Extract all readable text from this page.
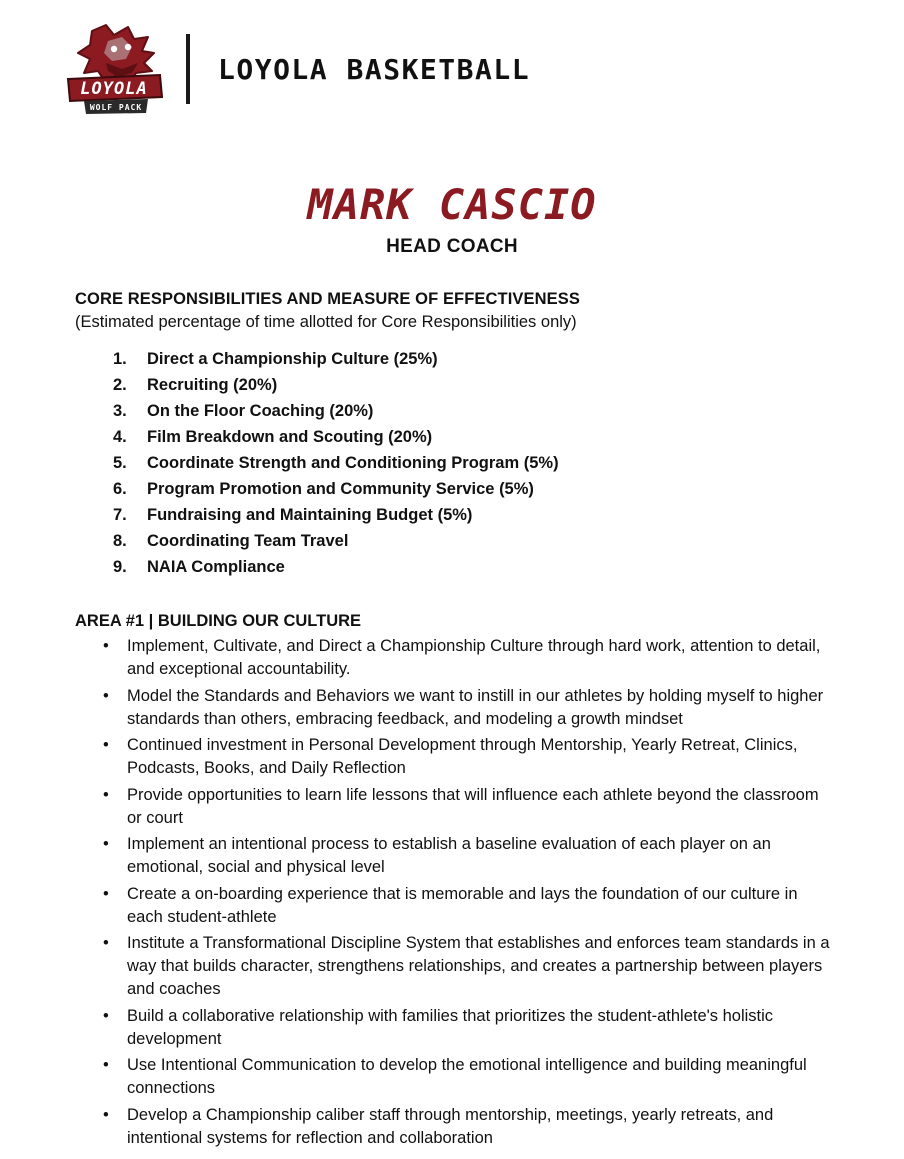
LOYOLA
WOLF PACK
LOYOLA BASKETBALL
MARK CASCIO
HEAD COACH
CORE RESPONSIBILITIES AND MEASURE OF EFFECTIVENESS
(Estimated percentage of time allotted for Core Responsibilities only)
1.	Direct a Championship Culture (25%)
2.	Recruiting (20%)
3.	On the Floor Coaching (20%)
4.	Film Breakdown and Scouting (20%)
5.	Coordinate Strength and Conditioning Program (5%)
6.	Program Promotion and Community Service (5%)
7.	Fundraising and Maintaining Budget (5%)
8.	Coordinating Team Travel
9.	NAIA Compliance
AREA #1 | BUILDING OUR CULTURE
•	Implement, Cultivate, and Direct a Championship Culture through hard work, attention to detail, and exceptional accountability.
•	Model the Standards and Behaviors we want to instill in our athletes by holding myself to higher standards than others, embracing feedback, and modeling a growth mindset
•	Continued investment in Personal Development through Mentorship, Yearly Retreat, Clinics, Podcasts, Books, and Daily Reflection
•	Provide opportunities to learn life lessons that will influence each athlete beyond the classroom or court
•	Implement an intentional process to establish a baseline evaluation of each player on an emotional, social and physical level
•	Create a on-boarding experience that is memorable and lays the foundation of our culture in each student-athlete
•	Institute a Transformational Discipline System that establishes and enforces team standards in a way that builds character, strengthens relationships, and creates a partnership between players and coaches
•	Build a collaborative relationship with families that prioritizes the student-athlete's holistic development
•	Use Intentional Communication to develop the emotional intelligence and building meaningful connections
•	Develop a Championship caliber staff through mentorship, meetings, yearly retreats, and intentional systems for reflection and collaboration
